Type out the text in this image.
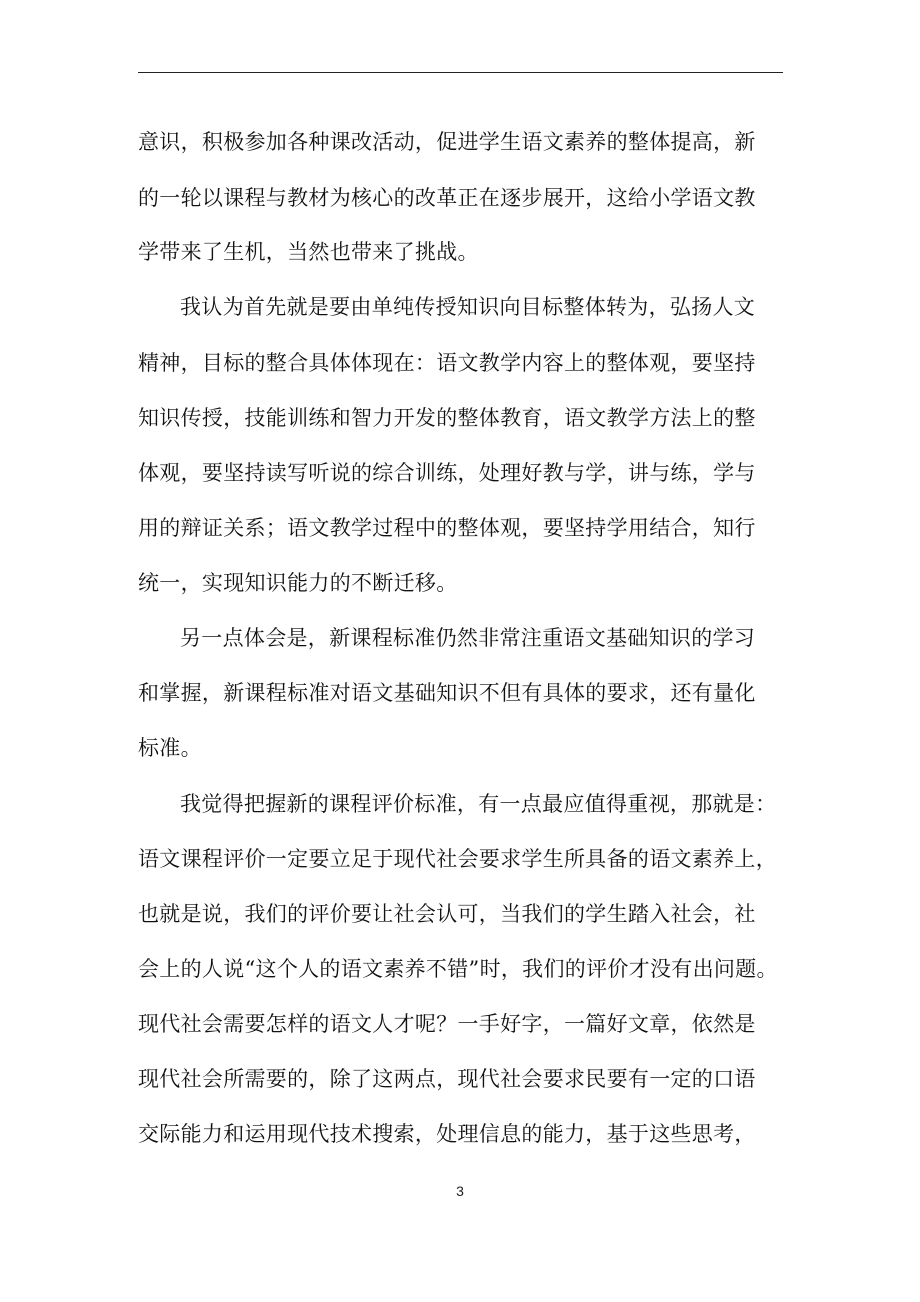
意识，积极参加各种课改活动，促进学生语文素养的整体提高，新
的一轮以课程与教材为核心的改革正在逐步展开，这给小学语文教
学带来了生机，当然也带来了挑战。
我认为首先就是要由单纯传授知识向目标整体转为，弘扬人文
精神，目标的整合具体体现在：语文教学内容上的整体观，要坚持
知识传授，技能训练和智力开发的整体教育，语文教学方法上的整
体观，要坚持读写听说的综合训练，处理好教与学，讲与练，学与
用的辩证关系；语文教学过程中的整体观，要坚持学用结合，知行
统一，实现知识能力的不断迁移。
另一点体会是，新课程标准仍然非常注重语文基础知识的学习
和掌握，新课程标准对语文基础知识不但有具体的要求，还有量化
标准。
我觉得把握新的课程评价标准，有一点最应值得重视，那就是：
语文课程评价一定要立足于现代社会要求学生所具备的语文素养上，
也就是说，我们的评价要让社会认可，当我们的学生踏入社会，社
会上的人说“这个人的语文素养不错”时，我们的评价才没有出问题。
现代社会需要怎样的语文人才呢？一手好字，一篇好文章，依然是
现代社会所需要的，除了这两点，现代社会要求民要有一定的口语
交际能力和运用现代技术搜索，处理信息的能力，基于这些思考，
3
